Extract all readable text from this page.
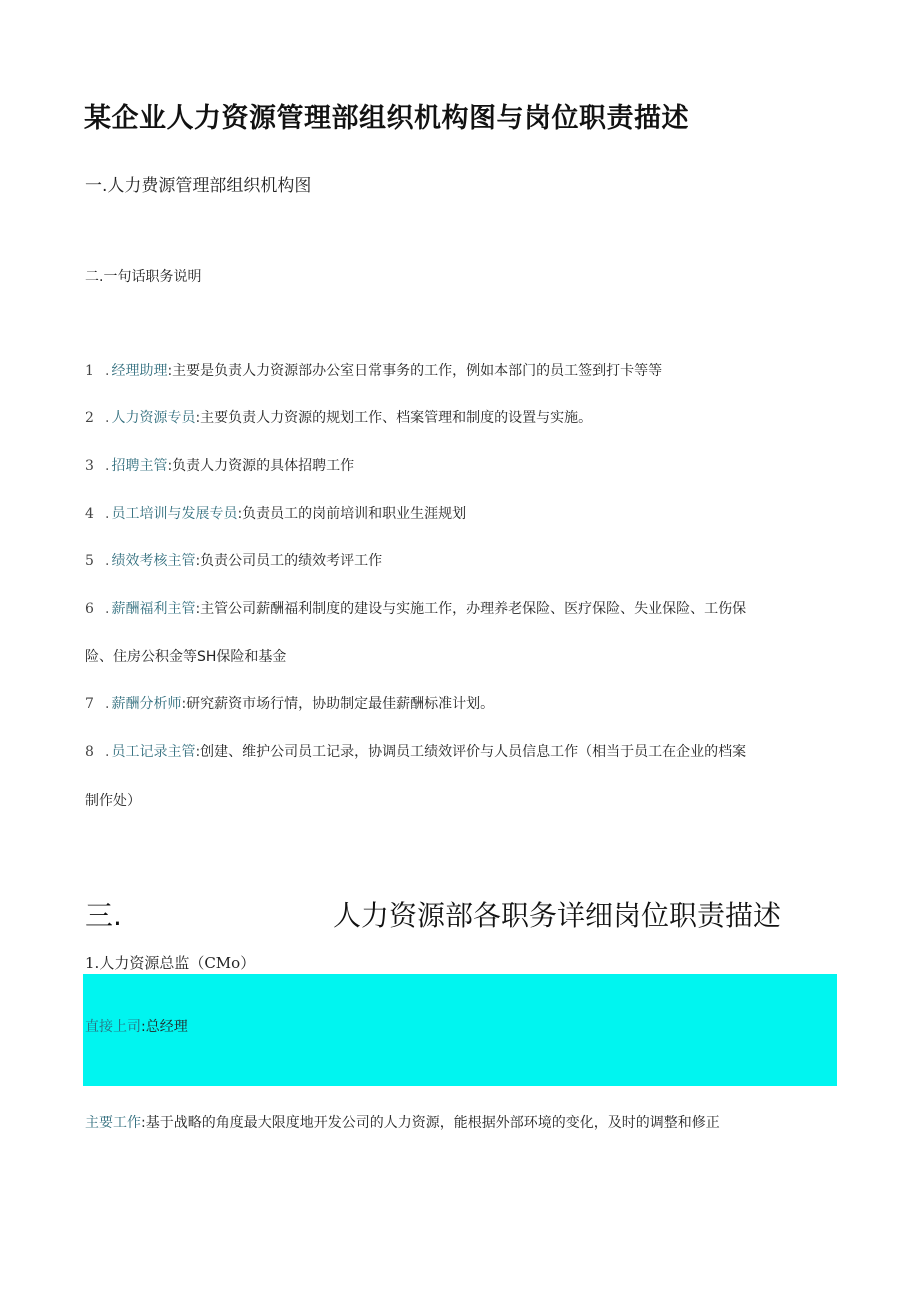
某企业人力资源管理部组织机构图与岗位职责描述
一.人力费源管理部组织机构图
二.一句话职务说明
1 . 经理助理 : 主要是负责人力资源部办公室日常事务的工作，例如本部门的员工签到打卡等等
2 . 人力资源专员 : 主要负责人力资源的规划工作、档案管理和制度的设置与实施。
3 . 招聘主管 : 负责人力资源的具体招聘工作
4 . 员工培训与发展专员 : 负责员工的岗前培训和职业生涯规划
5 . 绩效考核主管 : 负责公司员工的绩效考评工作
6 . 薪酬福利主管 : 主管公司薪酬福利制度的建设与实施工作，办理养老保险、医疗保险、失业保险、工伤保
险、住房公积金等SH保险和基金
7 . 薪酬分析师 : 研究薪资市场行情，协助制定最佳薪酬标准计划。
8 . 员工记录主管 : 创建、维护公司员工记录，协调员工绩效评价与人员信息工作（相当于员工在企业的档案
制作处）
三.	人力资源部各职务详细岗位职责描述
1.人力资源总监（CMo）
直接上司:总经理
主要工作:基于战略的角度最大限度地开发公司的人力资源，能根据外部环境的变化，及时的调整和修正
